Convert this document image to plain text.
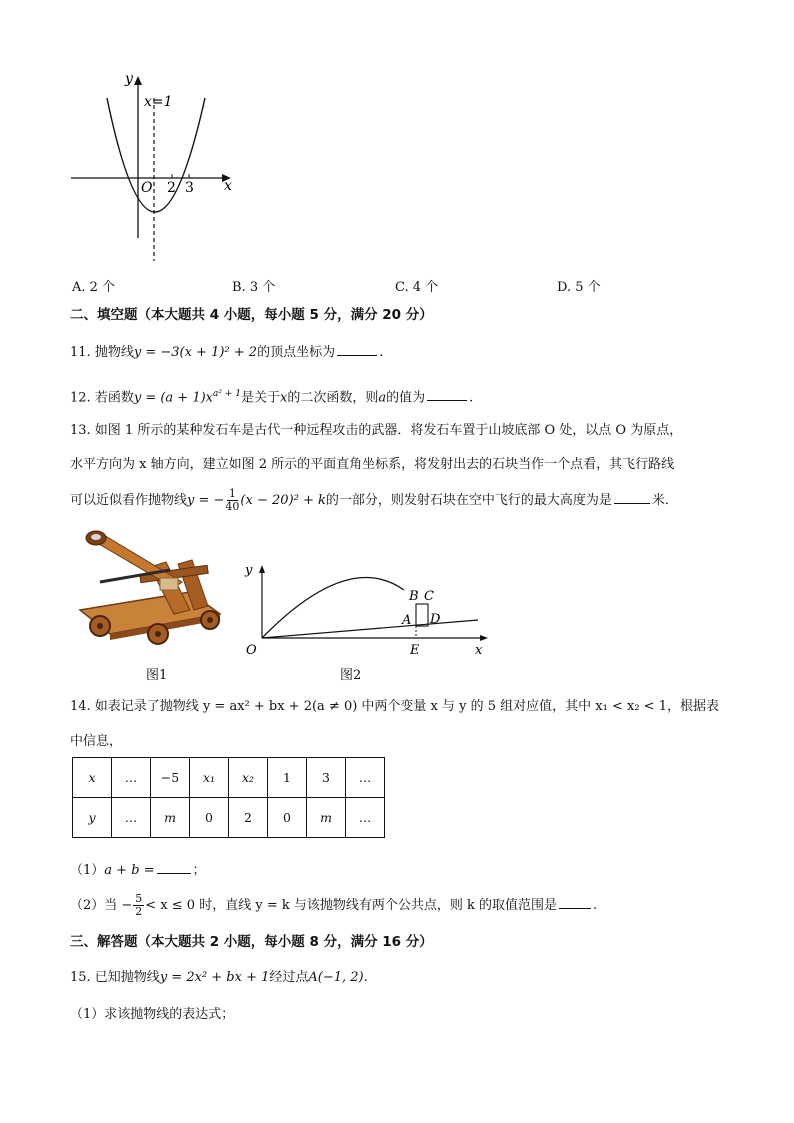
y
x
O 2 3
x=1
A. 2 个	B. 3 个	C. 4 个	D. 5 个
二、填空题（本大题共 4 小题，每小题 5 分，满分 20 分）
11. 抛物线y = −3(x + 1)² + 2的顶点坐标为	.
12. 若函数$y = (a + 1)x^{a^2 + 1}$是关于x的二次函数，则a的值为	.
13. 如图 1 所示的某种发石车是古代一种远程攻击的武器．将发石车置于山坡底部 O 处，以点 O 为原点，
水平方向为 x 轴方向，建立如图 2 所示的平面直角坐标系，将发射出去的石块当作一个点看，其飞行路线
可以近似看作抛物线y = − $\frac{1}{40} (x - 20)^2 + k$的一部分，则发射石块在空中飞行的最大高度为是	米．
图1
y
x
O
B C
D
A
E
图2
14. 如表记录了抛物线 y = ax² + bx + 2(a ≠ 0) 中两个变量 x 与 y 的 5 组对应值，其中 x₁ < x₂ < 1，根据表
中信息，
x	…	−5	x₁	x₂	1	3	…
y	…	m	0	2	0	m	…
（1）a + b =	；
（2）当 − $\frac{5}{2} < x \le 0$ 时，直线 y = k 与该抛物线有两个公共点，则 k 的取值范围是	.
三、解答题（本大题共 2 小题，每小题 8 分，满分 16 分）
15. 已知抛物线y = 2x² + bx + 1经过点A(−1, 2).
（1）求该抛物线的表达式；
